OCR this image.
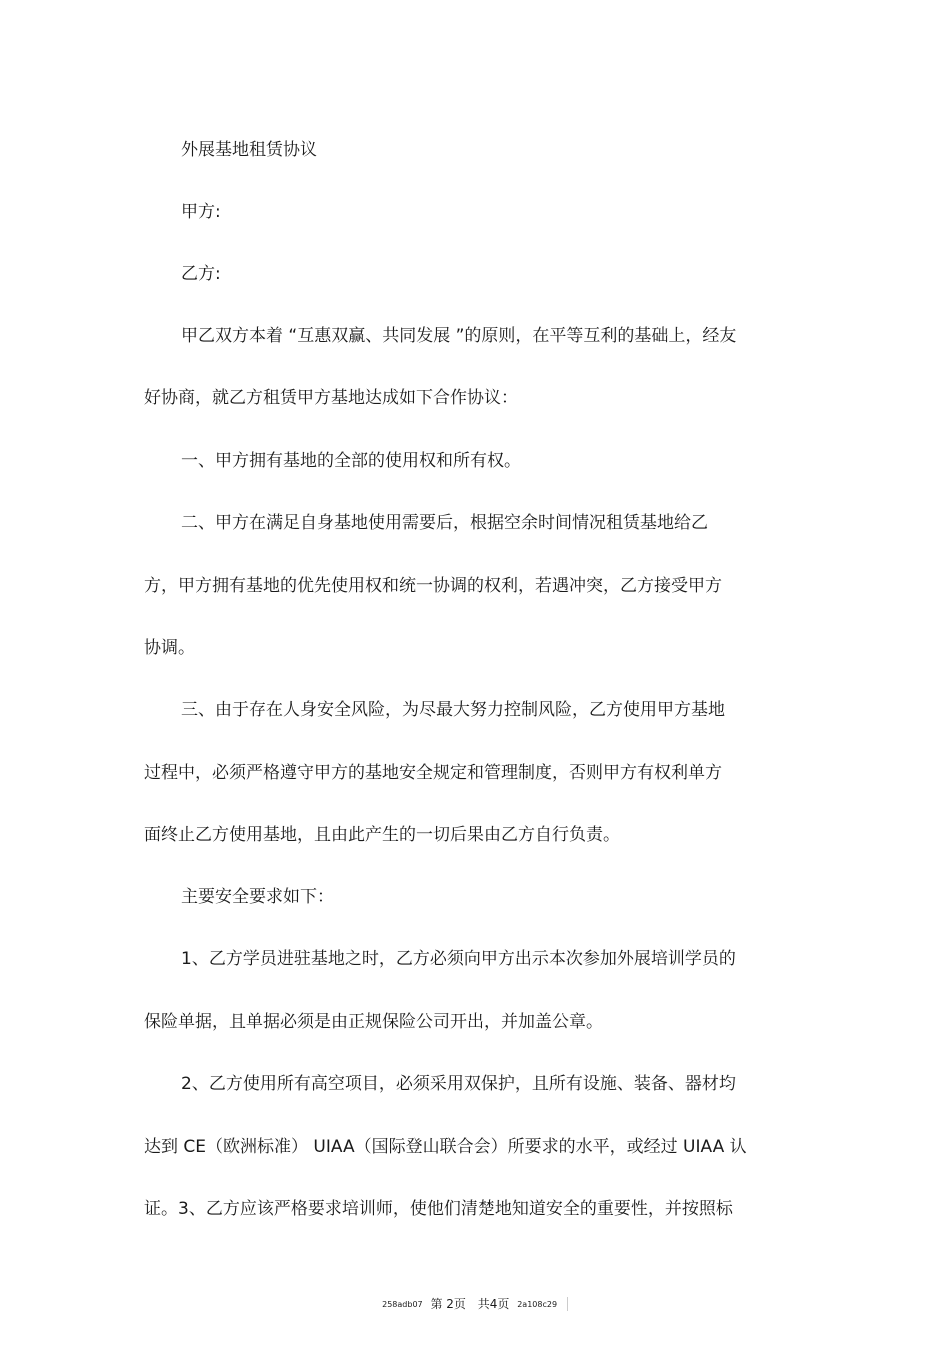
外展基地租赁协议

甲方:

乙方:

甲乙双方本着 “互惠双赢、共同发展 ”的原则，在平等互利的基础上，经友

好协商，就乙方租赁甲方基地达成如下合作协议：

一、甲方拥有基地的全部的使用权和所有权。

二、甲方在满足自身基地使用需要后，根据空余时间情况租赁基地给乙

方，甲方拥有基地的优先使用权和统一协调的权利，若遇冲突，乙方接受甲方

协调。

三、由于存在人身安全风险，为尽最大努力控制风险，乙方使用甲方基地

过程中，必须严格遵守甲方的基地安全规定和管理制度，否则甲方有权利单方

面终止乙方使用基地，且由此产生的一切后果由乙方自行负责。

主要安全要求如下：

1、乙方学员进驻基地之时，乙方必须向甲方出示本次参加外展培训学员的

保险单据，且单据必须是由正规保险公司开出，并加盖公章。

2、乙方使用所有高空项目，必须采用双保护，且所有设施、装备、器材均

达到 CE（欧洲标准） UIAA（国际登山联合会）所要求的水平，或经过 UIAA 认

证。3、乙方应该严格要求培训师，使他们清楚地知道安全的重要性，并按照标

258adb07 第 2页 共4页 2a108c29
